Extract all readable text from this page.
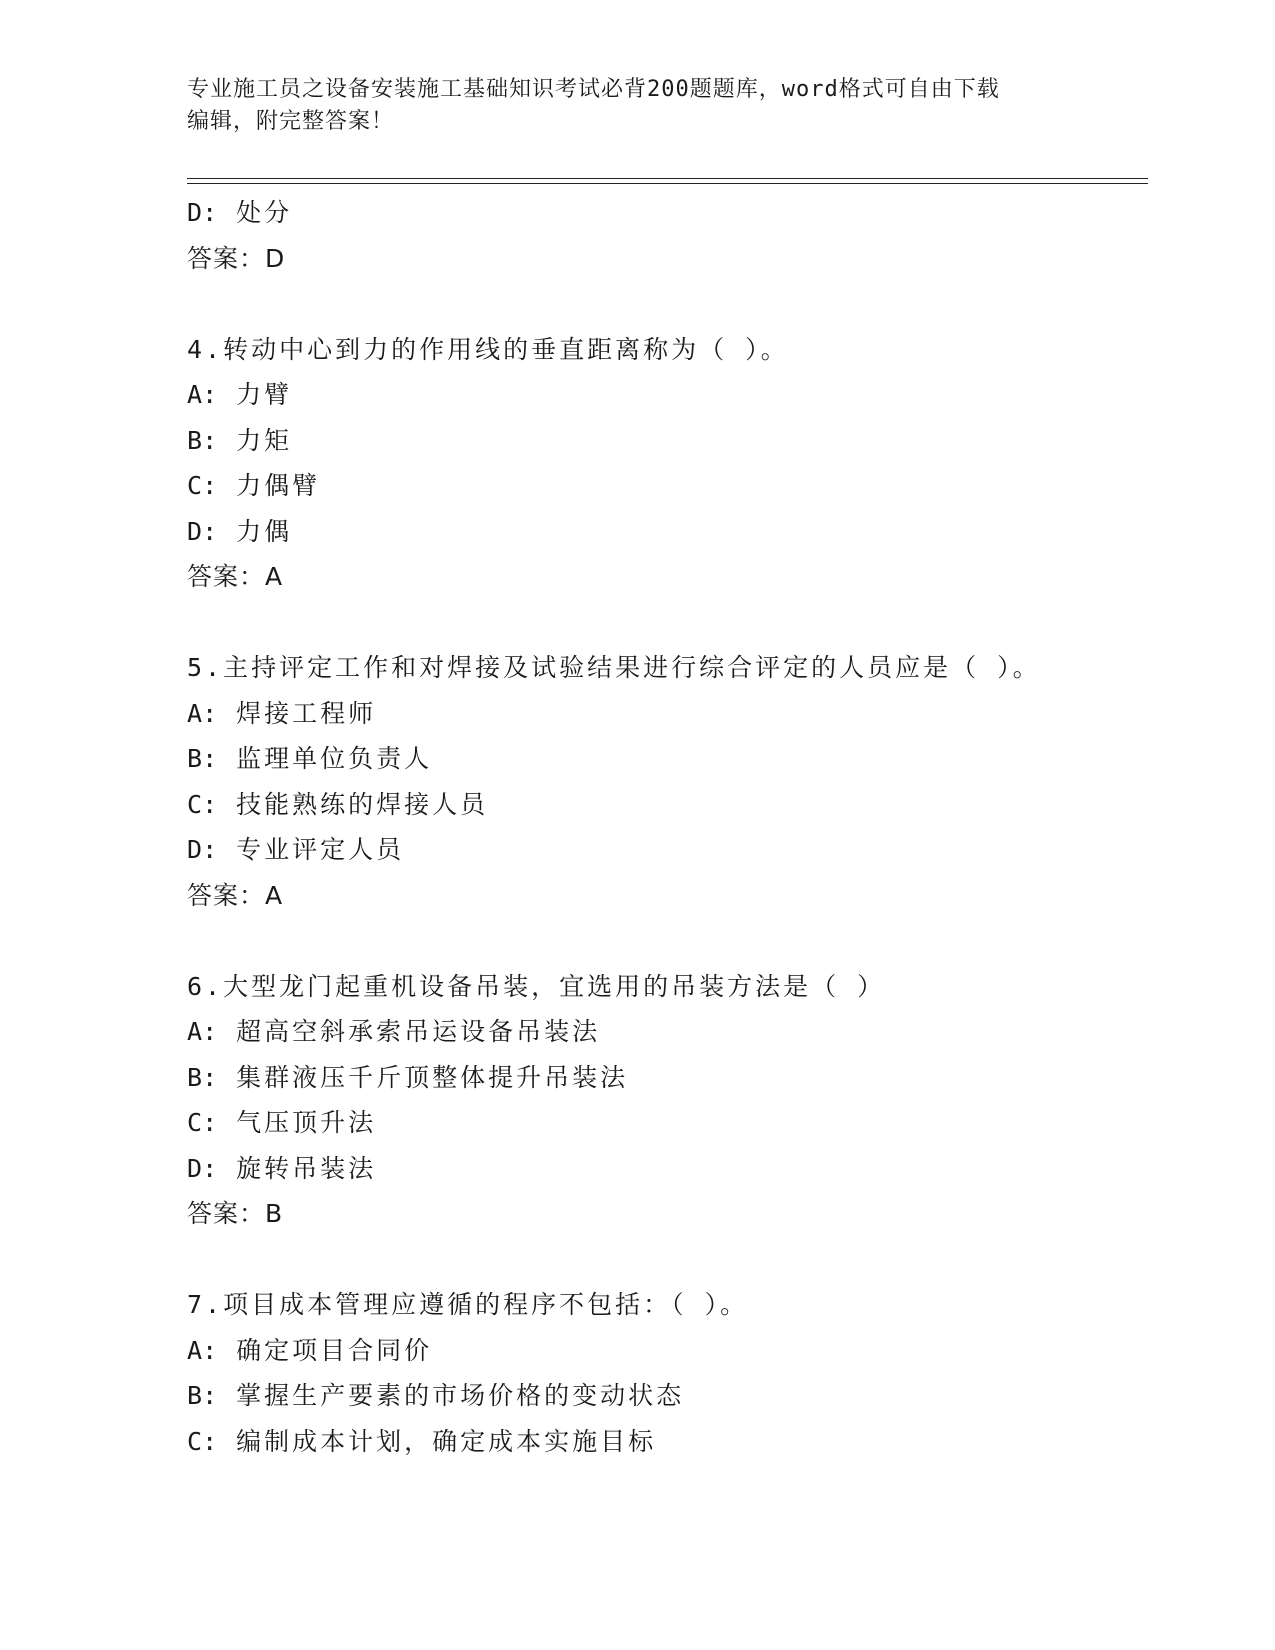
专业施工员之设备安装施工基础知识考试必背200题题库，word格式可自由下载
编辑，附完整答案！
D: 处分
答案：D
4.转动中心到力的作用线的垂直距离称为（ ）。
A: 力臂
B: 力矩
C: 力偶臂
D: 力偶
答案：A
5.主持评定工作和对焊接及试验结果进行综合评定的人员应是（ ）。
A: 焊接工程师
B: 监理单位负责人
C: 技能熟练的焊接人员
D: 专业评定人员
答案：A
6.大型龙门起重机设备吊装，宜选用的吊装方法是（ ）
A: 超高空斜承索吊运设备吊装法
B: 集群液压千斤顶整体提升吊装法
C: 气压顶升法
D: 旋转吊装法
答案：B
7.项目成本管理应遵循的程序不包括：（ ）。
A: 确定项目合同价
B: 掌握生产要素的市场价格的变动状态
C: 编制成本计划，确定成本实施目标
